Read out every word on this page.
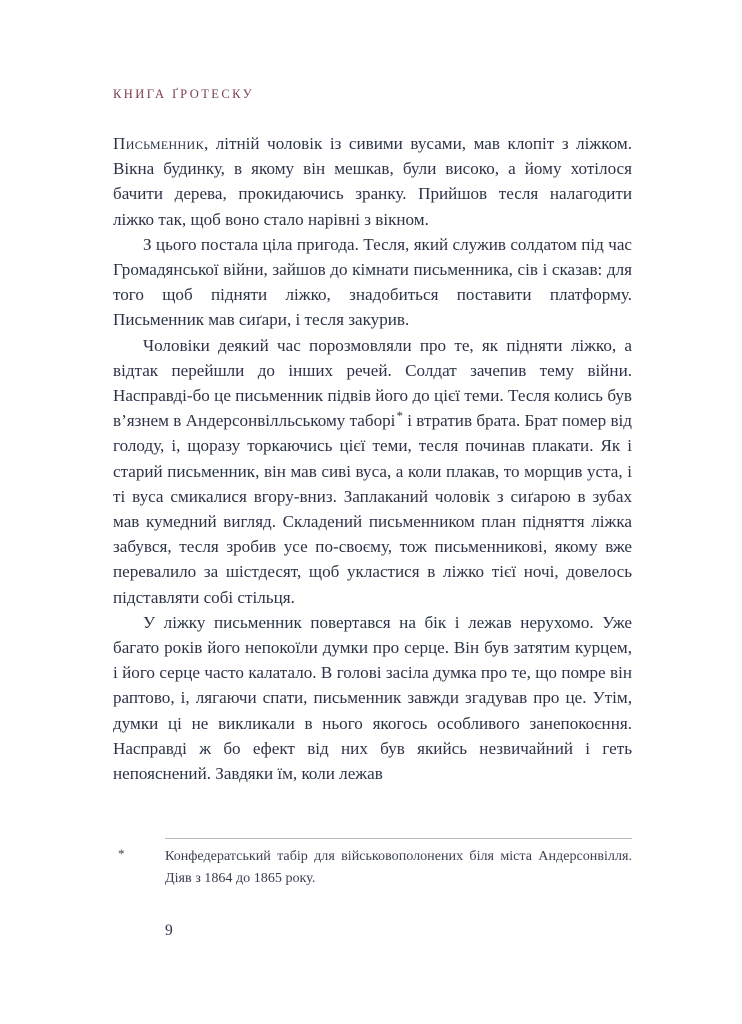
КНИГА ҐРОТЕСКУ

Письменник, літній чоловік із сивими вусами, мав клопіт з ліжком. Вікна будинку, в якому він мешкав, були високо, а йому хотілося бачити дерева, прокидаючись зранку. Прийшов тесля налагодити ліжко так, щоб воно стало нарівні з вікном.

З цього постала ціла пригода. Тесля, який служив солдатом під час Громадянської війни, зайшов до кімнати письменника, сів і сказав: для того щоб підняти ліжко, знадобиться поставити платформу. Письменник мав сиґари, і тесля закурив.

Чоловіки деякий час порозмовляли про те, як підняти ліжко, а відтак перейшли до інших речей. Солдат зачепив тему війни. Насправді-бо це письменник підвів його до цієї теми. Тесля колись був в’язнем в Андерсонвілльському таборі* і втратив брата. Брат помер від голоду, і, щоразу торкаючись цієї теми, тесля починав плакати. Як і старий письменник, він мав сиві вуса, а коли плакав, то морщив уста, і ті вуса смикалися вгору-вниз. Заплаканий чоловік з сиґарою в зубах мав кумедний вигляд. Складений письменником план підняття ліжка забувся, тесля зробив усе по-своєму, тож письменникові, якому вже перевалило за шістдесят, щоб укластися в ліжко тієї ночі, довелось підставляти собі стільця.

У ліжку письменник повертався на бік і лежав нерухомо. Уже багато років його непокоїли думки про серце. Він був затятим курцем, і його серце часто калатало. В голові засіла думка про те, що помре він раптово, і, лягаючи спати, письменник завжди згадував про це. Утім, думки ці не викликали в нього якогось особливого занепокоєння. Насправді ж бо ефект від них був якийсь незвичайний і геть непояснений. Завдяки їм, коли лежав

*	Конфедератський табір для військовополонених біля міста Андерсонвілля. Діяв з 1864 до 1865 року.
9
